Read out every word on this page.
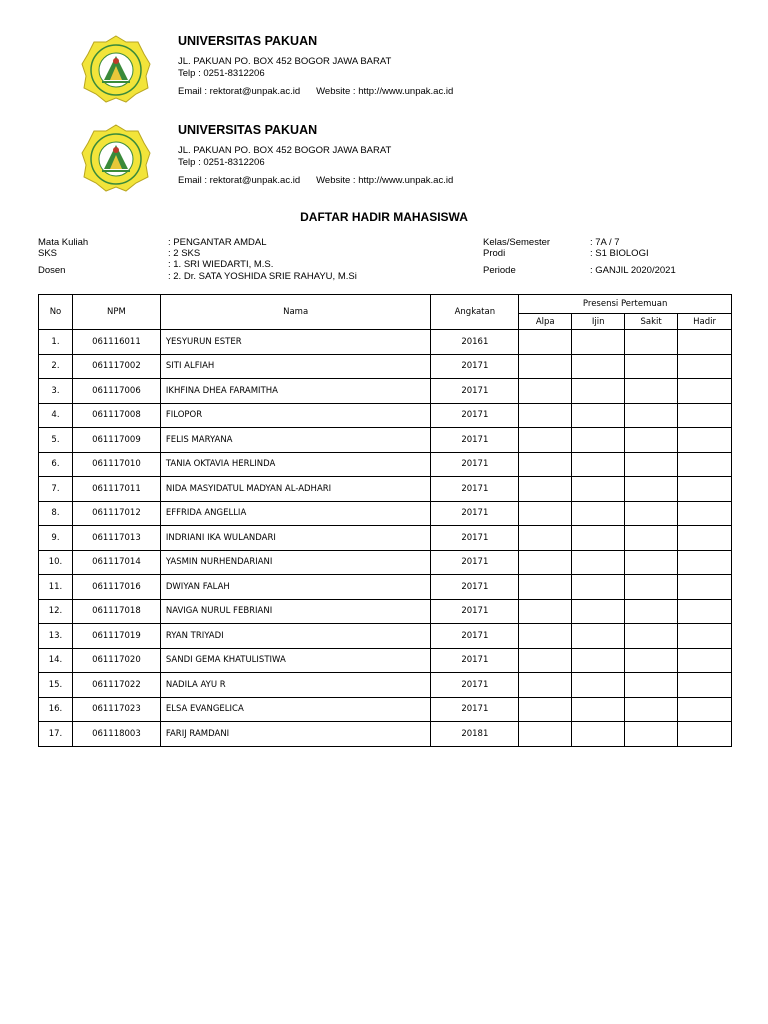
UNIVERSITAS PAKUAN
JL. PAKUAN PO. BOX 452 BOGOR JAWA BARAT
Telp : 0251-8312206
Email : rektorat@unpak.ac.id Website : http://www.unpak.ac.id
UNIVERSITAS PAKUAN
JL. PAKUAN PO. BOX 452 BOGOR JAWA BARAT
Telp : 0251-8312206
Email : rektorat@unpak.ac.id Website : http://www.unpak.ac.id
DAFTAR HADIR MAHASISWA
Mata Kuliah	: PENGANTAR AMDAL
SKS	: 2 SKS
Dosen
: 1. SRI WIEDARTI, M.S.
: 2. Dr. SATA YOSHIDA SRIE RAHAYU, M.Si
Kelas/Semester	: 7A / 7
Prodi	: S1 BIOLOGI
Periode	: GANJIL 2020/2021
No	NPM	Nama	Angkatan	Presensi Pertemuan			
				Alpa	Ijin	Sakit	Hadir
1.	061116011	YESYURUN ESTER	20161				
2.	061117002	SITI ALFIAH	20171				
3.	061117006	IKHFINA DHEA FARAMITHA	20171				
4.	061117008	FILOPOR	20171				
5.	061117009	FELIS MARYANA	20171				
6.	061117010	TANIA OKTAVIA HERLINDA	20171				
7.	061117011	NIDA MASYIDATUL MADYAN AL-ADHARI	20171				
8.	061117012	EFFRIDA ANGELLIA	20171				
9.	061117013	INDRIANI IKA WULANDARI	20171				
10.	061117014	YASMIN NURHENDARIANI	20171				
11.	061117016	DWIYAN FALAH	20171				
12.	061117018	NAVIGA NURUL FEBRIANI	20171				
13.	061117019	RYAN TRIYADI	20171				
14.	061117020	SANDI GEMA KHATULISTIWA	20171				
15.	061117022	NADILA AYU R	20171				
16.	061117023	ELSA EVANGELICA	20171				
17.	061118003	FARIJ RAMDANI	20181				
